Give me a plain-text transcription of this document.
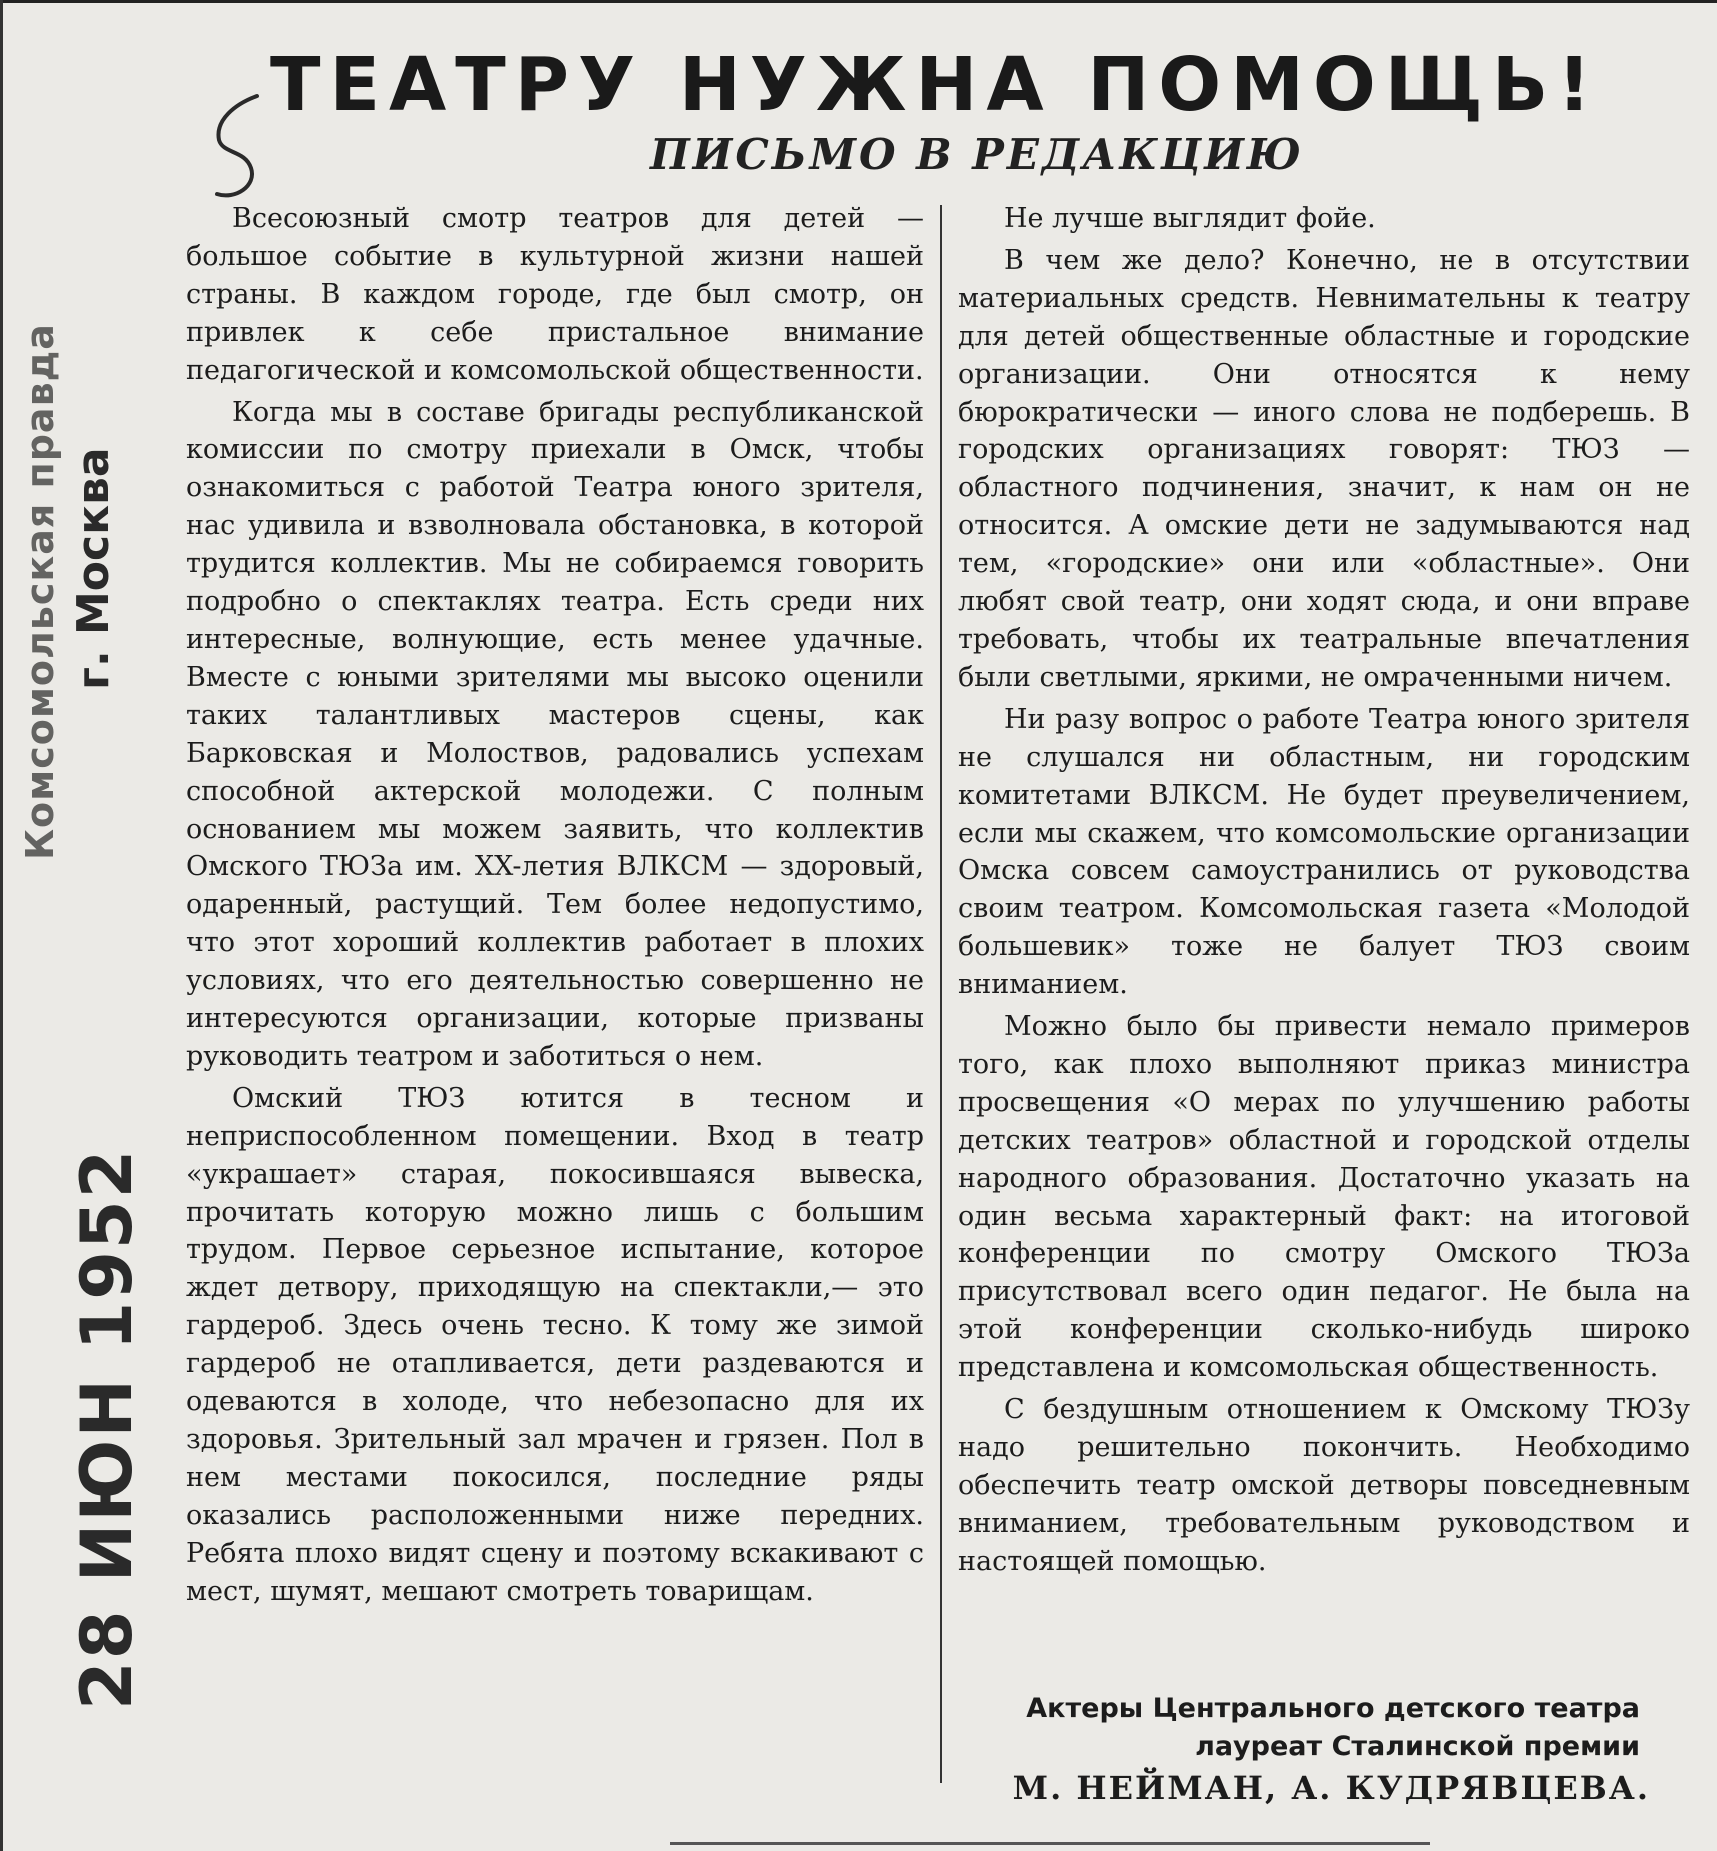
Комсомольская правда г. Москва
28 ИЮН 1952
ТЕАТРУ НУЖНА ПОМОЩЬ!
ПИСЬМО В РЕДАКЦИЮ

Всесоюзный смотр театров для детей — большое событие в культурной жизни нашей страны. В каждом городе, где был смотр, он привлек к себе пристальное внимание педагогической и комсомольской общественности.

Когда мы в составе бригады республиканской комиссии по смотру приехали в Омск, чтобы ознакомиться с работой Театра юного зрителя, нас удивила и взволновала обстановка, в которой трудится коллектив. Мы не собираемся говорить подробно о спектаклях театра. Есть среди них интересные, волнующие, есть менее удачные. Вместе с юными зрителями мы высоко оценили таких талантливых мастеров сцены, как Барковская и Молоствов, радовались успехам способной актерской молодежи. С полным основанием мы можем заявить, что коллектив Омского ТЮЗа им. XX-летия ВЛКСМ — здоровый, одаренный, растущий. Тем более недопустимо, что этот хороший коллектив работает в плохих условиях, что его деятельностью совершенно не интересуются организации, которые призваны руководить театром и заботиться о нем.

Омский ТЮЗ ютится в тесном и неприспособленном помещении. Вход в театр «украшает» старая, покосившаяся вывеска, прочитать которую можно лишь с большим трудом. Первое серьезное испытание, которое ждет детвору, приходящую на спектакли,— это гардероб. Здесь очень тесно. К тому же зимой гардероб не отапливается, дети раздеваются и одеваются в холоде, что небезопасно для их здоровья. Зрительный зал мрачен и грязен. Пол в нем местами покосился, последние ряды оказались расположенными ниже передних. Ребята плохо видят сцену и поэтому вскакивают с мест, шумят, мешают смотреть товарищам.

Не лучше выглядит фойе.

В чем же дело? Конечно, не в отсутствии материальных средств. Невнимательны к театру для детей общественные областные и городские организации. Они относятся к нему бюрократически — иного слова не подберешь. В городских организациях говорят: ТЮЗ — областного подчинения, значит, к нам он не относится. А омские дети не задумываются над тем, «городские» они или «областные». Они любят свой театр, они ходят сюда, и они вправе требовать, чтобы их театральные впечатления были светлыми, яркими, не омраченными ничем.

Ни разу вопрос о работе Театра юного зрителя не слушался ни областным, ни городским комитетами ВЛКСМ. Не будет преувеличением, если мы скажем, что комсомольские организации Омска совсем самоустранились от руководства своим театром. Комсомольская газета «Молодой большевик» тоже не балует ТЮЗ своим вниманием.

Можно было бы привести немало примеров того, как плохо выполняют приказ министра просвещения «О мерах по улучшению работы детских театров» областной и городской отделы народного образования. Достаточно указать на один весьма характерный факт: на итоговой конференции по смотру Омского ТЮЗа присутствовал всего один педагог. Не была на этой конференции сколько-нибудь широко представлена и комсомольская общественность.

С бездушным отношением к Омскому ТЮЗу надо решительно покончить. Необходимо обеспечить театр омской детворы повседневным вниманием, требовательным руководством и настоящей помощью.

Актеры Центрального детского театра
лауреат Сталинской премии
М. НЕЙМАН, А. КУДРЯВЦЕВА.
